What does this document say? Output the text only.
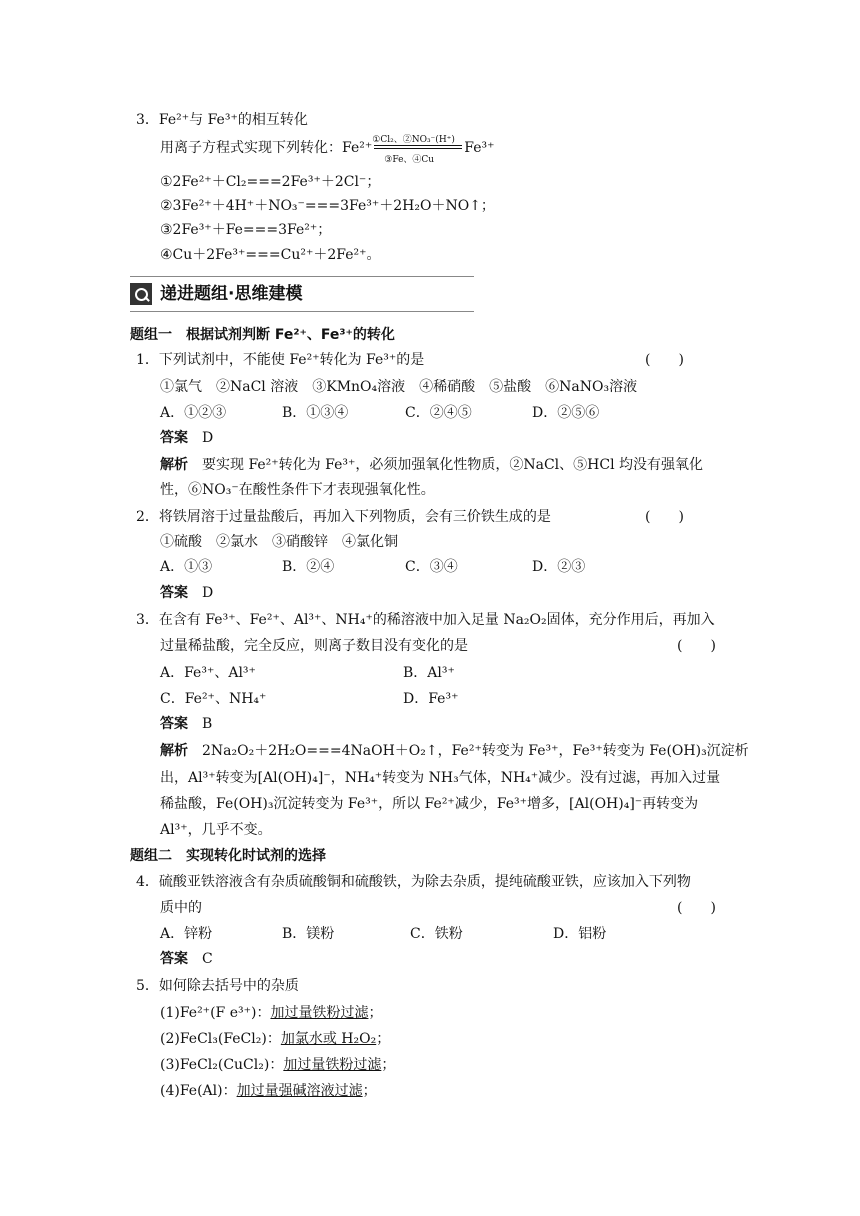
3．Fe²⁺与 Fe³⁺的相互转化
用离子方程式实现下列转化：$Fe^{2+} \frac{\text{①Cl₂、②NO₃⁻(H⁺)}}{\text{③Fe、④Cu}} Fe^{3+}$
①2Fe²⁺＋Cl₂===2Fe³⁺＋2Cl⁻；
②3Fe²⁺＋4H⁺＋NO₃⁻===3Fe³⁺＋2H₂O＋NO↑；
③2Fe³⁺＋Fe===3Fe²⁺；
④Cu＋2Fe³⁺===Cu²⁺＋2Fe²⁺。
递进题组·思维建模
题组一　根据试剂判断 Fe²⁺、Fe³⁺的转化
1．下列试剂中，不能使 Fe²⁺转化为 Fe³⁺的是	(　　)
①氯气　②NaCl 溶液　③KMnO₄溶液　④稀硝酸　⑤盐酸　⑥NaNO₃溶液
A．①②③	B．①③④	C．②④⑤	D．②⑤⑥
答案　 D
解析　 要实现 Fe²⁺转化为 Fe³⁺，必须加强氧化性物质，②NaCl、⑤HCl 均没有强氧化
性，⑥NO₃⁻在酸性条件下才表现强氧化性。
2．将铁屑溶于过量盐酸后，再加入下列物质，会有三价铁生成的是	(　　)
①硫酸　②氯水　③硝酸锌　④氯化铜
A．①③	B．②④	C．③④	D．②③
答案　 D
3．在含有 Fe³⁺、Fe²⁺、Al³⁺、NH₄⁺的稀溶液中加入足量 Na₂O₂固体，充分作用后，再加入
过量稀盐酸，完全反应，则离子数目没有变化的是	(　　)
A．Fe³⁺、Al³⁺	B．Al³⁺
C．Fe²⁺、NH₄⁺	D．Fe³⁺
答案　 B
解析　 2Na₂O₂＋2H₂O===4NaOH＋O₂↑，Fe²⁺转变为 Fe³⁺，Fe³⁺转变为 Fe(OH)₃沉淀析
出，Al³⁺转变为[Al(OH)₄]⁻，NH₄⁺转变为 NH₃气体，NH₄⁺减少。没有过滤，再加入过量
稀盐酸，Fe(OH)₃沉淀转变为 Fe³⁺，所以 Fe²⁺减少，Fe³⁺增多，[Al(OH)₄]⁻再转变为
Al³⁺，几乎不变。
题组二　实现转化时试剂的选择
4．硫酸亚铁溶液含有杂质硫酸铜和硫酸铁，为除去杂质，提纯硫酸亚铁，应该加入下列物
质中的	(　　)
A．锌粉	B．镁粉	C．铁粉	D．铝粉
答案　 C
5．如何除去括号中的杂质
(1)Fe²⁺(F e³⁺)：加过量铁粉过滤；
(2)FeCl₃(FeCl₂)：加氯水或 H₂O₂；
(3)FeCl₂(CuCl₂)：加过量铁粉过滤；
(4)Fe(Al)：加过量强碱溶液过滤；
